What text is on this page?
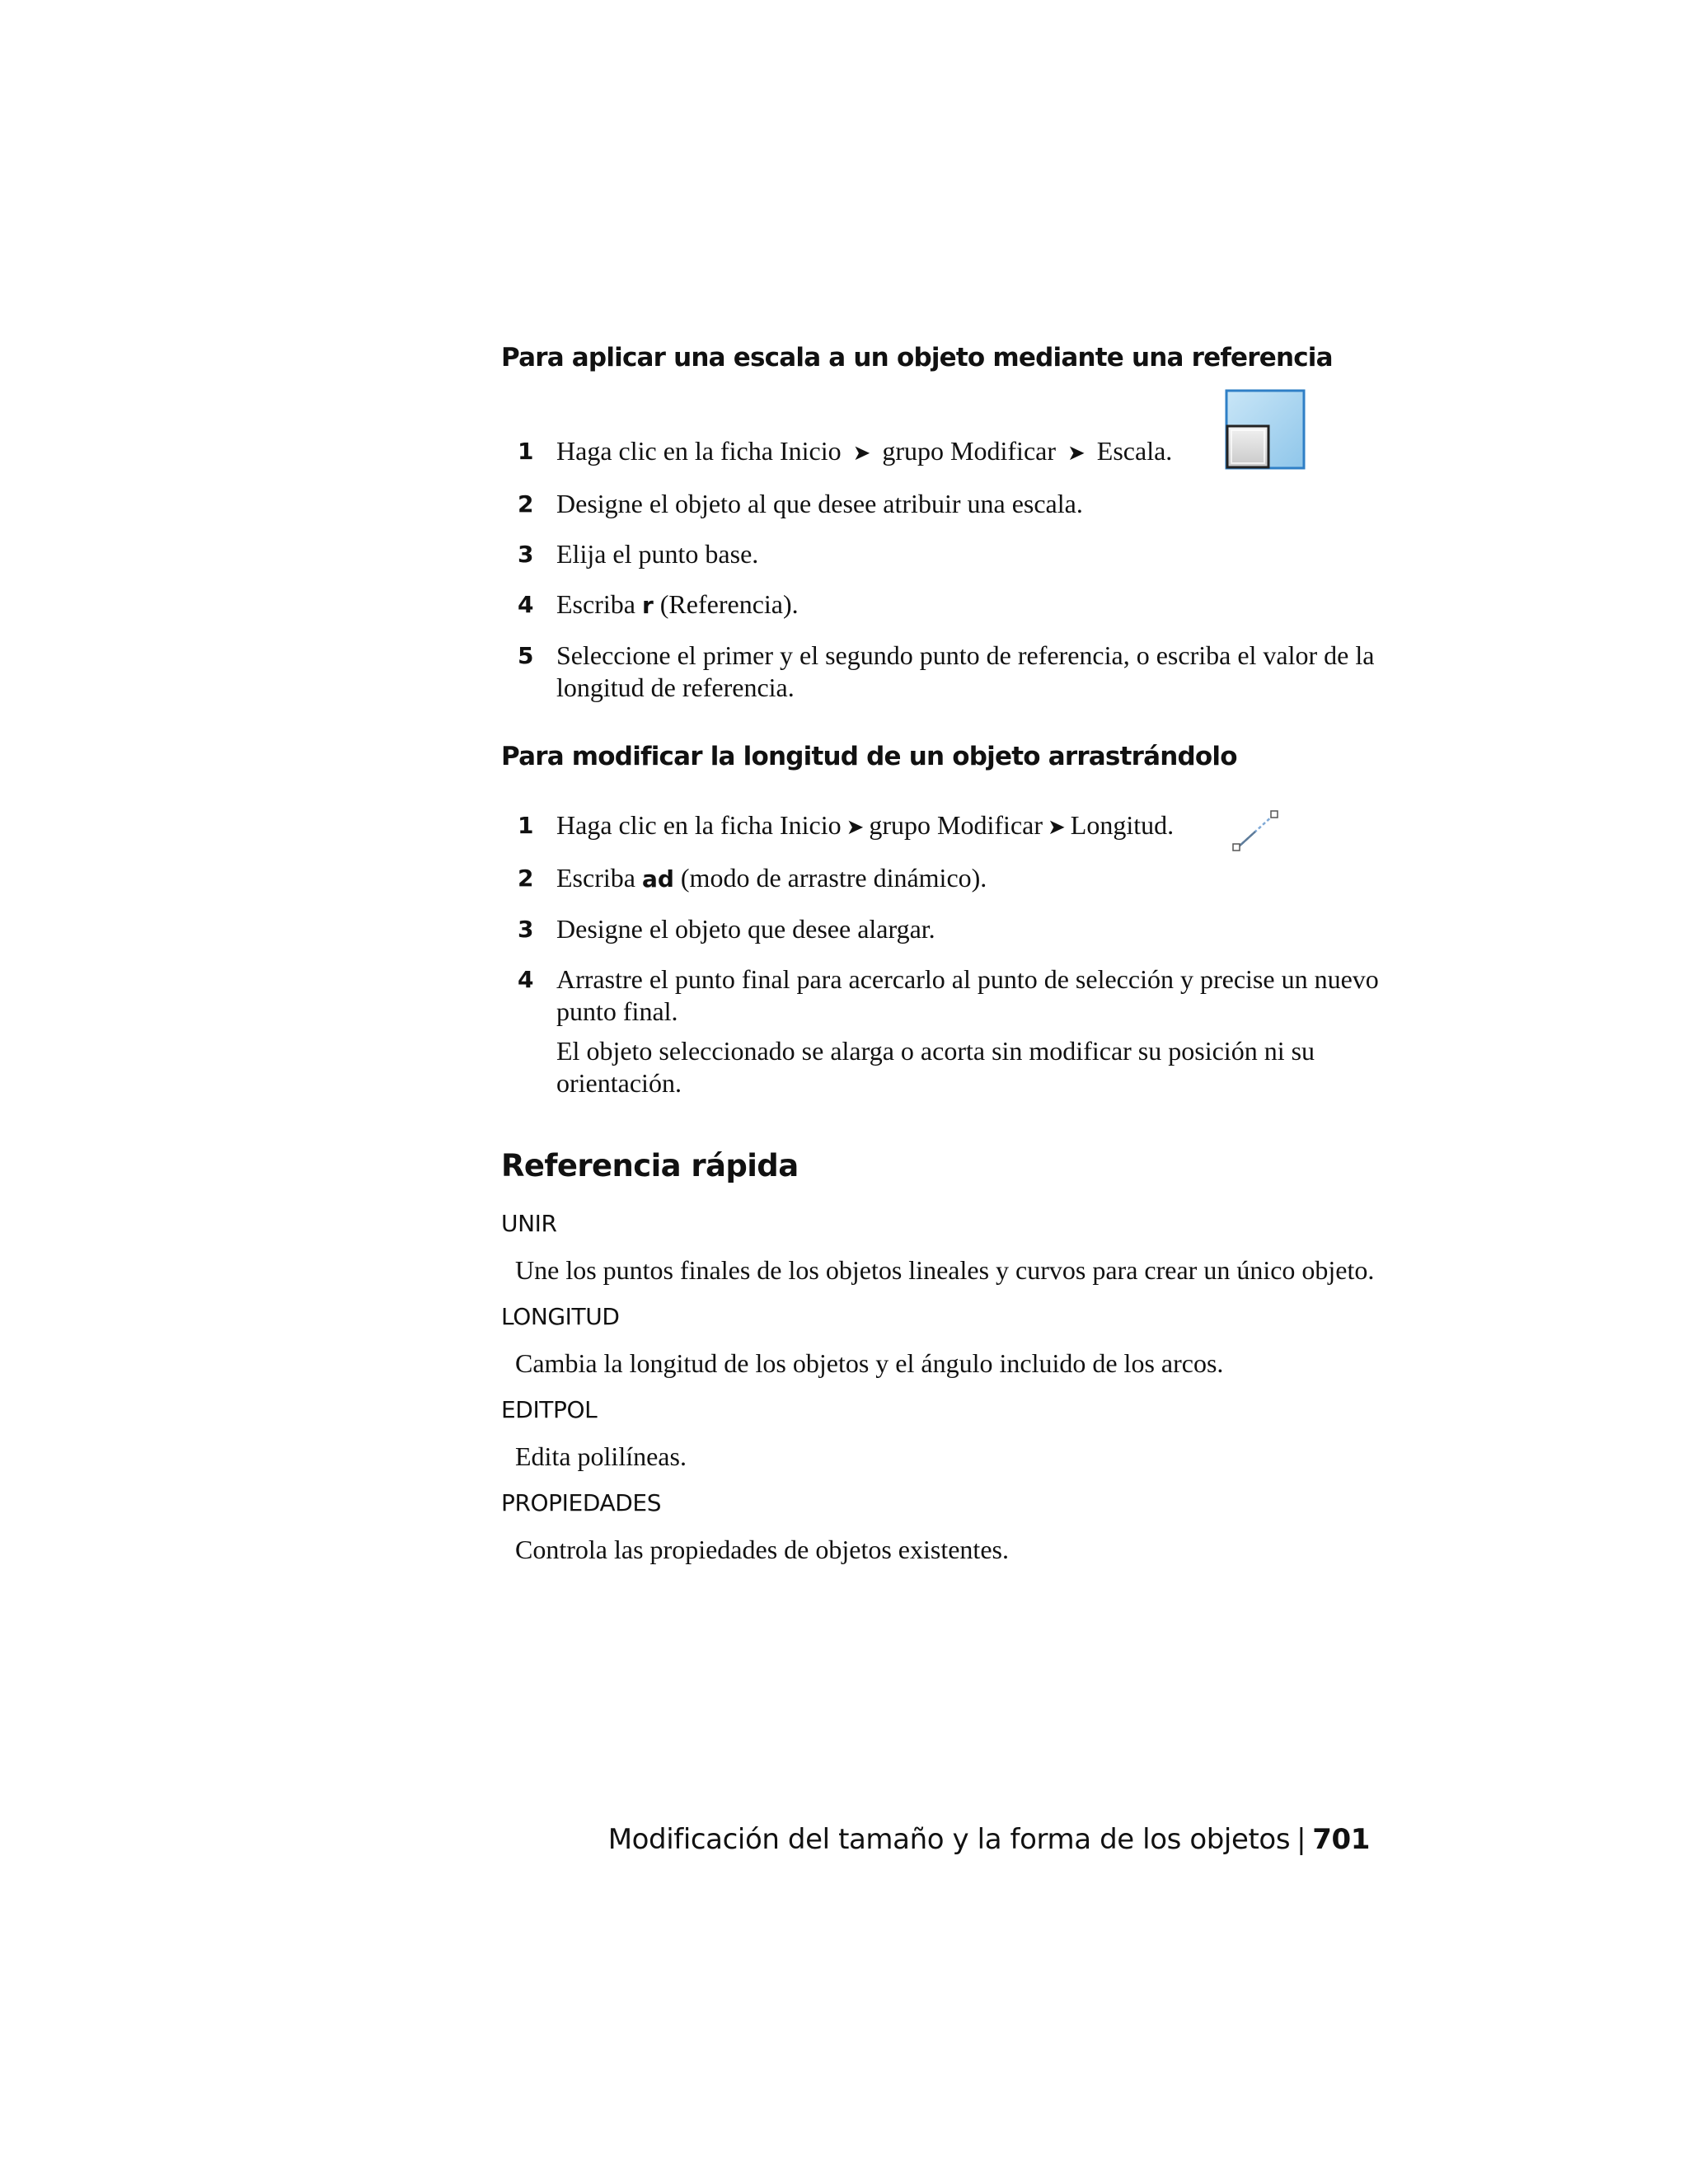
Para aplicar una escala a un objeto mediante una referencia
1 Haga clic en la ficha Inicio ➤ grupo Modificar ➤ Escala.
2 Designe el objeto al que desee atribuir una escala.
3 Elija el punto base.
4 Escriba r (Referencia).
5 Seleccione el primer y el segundo punto de referencia, o escriba el valor de la longitud de referencia.
Para modificar la longitud de un objeto arrastrándolo
1 Haga clic en la ficha Inicio ➤ grupo Modificar ➤ Longitud.
2 Escriba ad (modo de arrastre dinámico).
3 Designe el objeto que desee alargar.
4 Arrastre el punto final para acercarlo al punto de selección y precise un nuevo punto final.

El objeto seleccionado se alarga o acorta sin modificar su posición ni su orientación.

Referencia rápida
UNIR
Une los puntos finales de los objetos lineales y curvos para crear un único objeto.
LONGITUD
Cambia la longitud de los objetos y el ángulo incluido de los arcos.
EDITPOL
Edita polilíneas.
PROPIEDADES
Controla las propiedades de objetos existentes.
Modificación del tamaño y la forma de los objetos | 701
